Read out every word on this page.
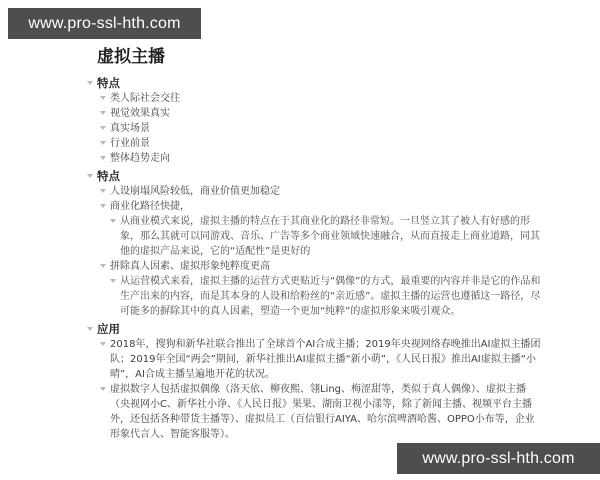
www.pro-ssl-hth.com
虚拟主播
特点
类人际社会交往
视觉效果真实
真实场景
行业前景
整体趋势走向
特点
人设崩塌风险较低，商业价值更加稳定
商业化路径快捷，
从商业模式来说，虚拟主播的特点在于其商业化的路径非常短。一旦竖立其了被人有好感的形象，那么其就可以同游戏、音乐、广告等多个商业领域快速融合，从而直接走上商业道路，同其他的虚拟产品来说，它的“适配性”是更好的
拼除真人因素、虚拟形象纯粹度更高
从运营模式来看，虚拟主播的运营方式更贴近与“偶像”的方式，最重要的内容并非是它的作品和生产出来的内容，而是其本身的人设和给粉丝的“亲近感”。虚拟主播的运营也遵循这一路径，尽可能多的摒除其中的真人因素，塑造一个更加“纯粹”的虚拟形象来吸引观众。
应用
2018年，搜狗和新华社联合推出了全球首个AI合成主播；2019年央视网络春晚推出AI虚拟主播团队；2019年全国“两会”期间，新华社推出AI虚拟主播“新小萌”，《人民日报》推出AI虚拟主播“小晴”，AI合成主播呈遍地开花的状况。
虚拟数字人包括虚拟偶像（洛天依、柳夜熙、翎Ling、梅涩甜等，类似于真人偶像）、虚拟主播（央视网小C、新华社小诤、《人民日报》果果、湖南卫视小漾等，除了新闻主播、视频平台主播外，还包括各种带货主播等）、虚拟员工（百信银行AIYA、哈尔滨啤酒哈酱、OPPO小布等，企业形象代言人、智能客服等）。
www.pro-ssl-hth.com
